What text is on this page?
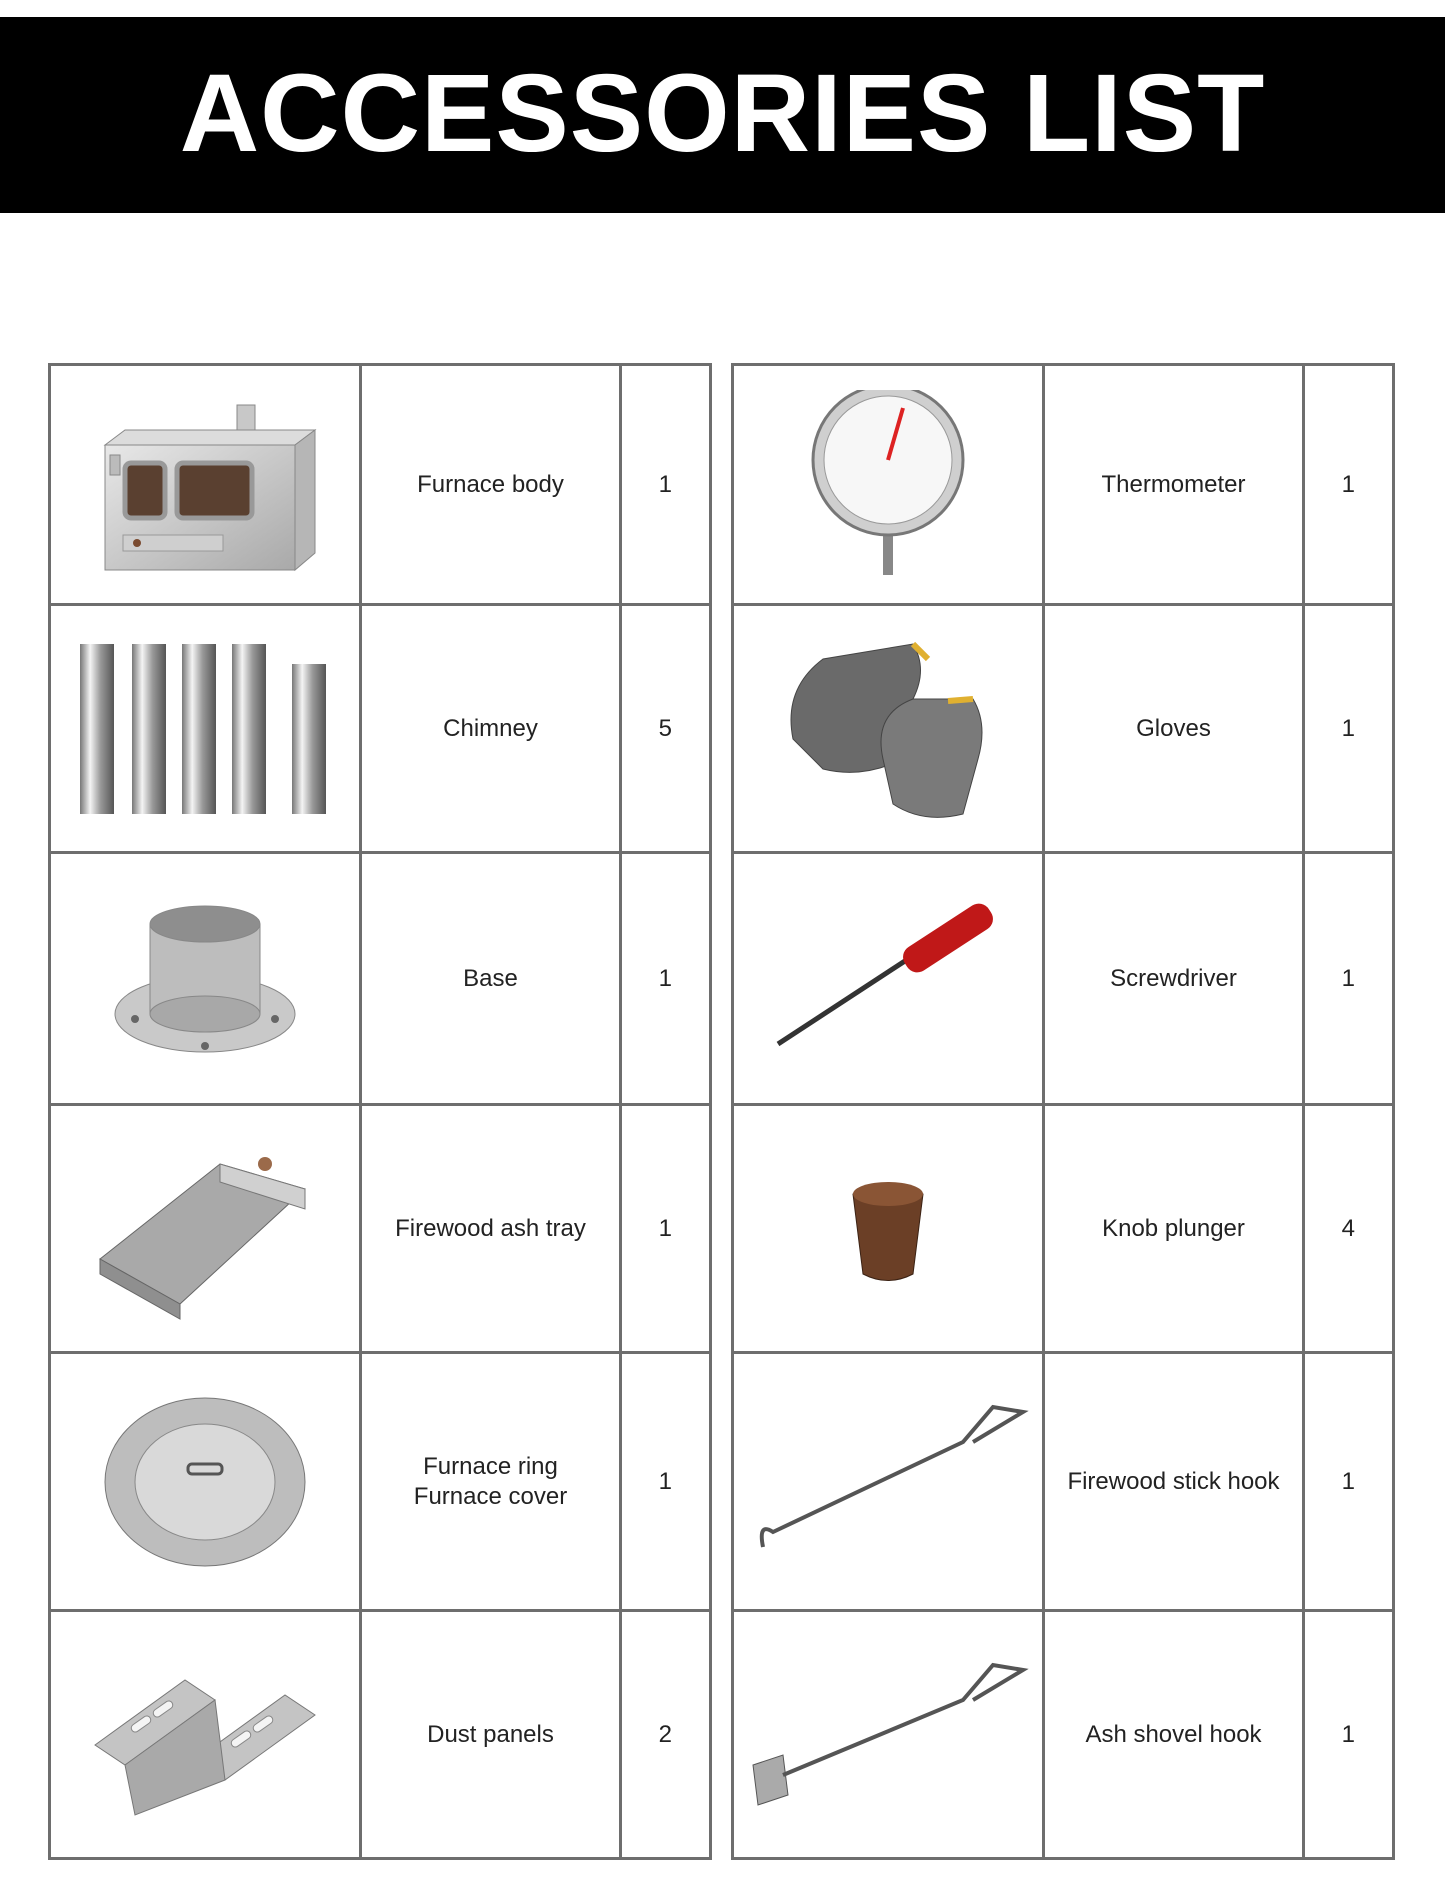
ACCESSORIES LIST
	Furnace body	1

	Chimney	5

	Base	1

	Firewood ash tray	1

	Furnace ring
Furnace cover	1

	Dust panels	2
	Thermometer	1

	Gloves	1

	Screwdriver	1

	Knob plunger	4

	Firewood stick hook	1

	Ash shovel hook	1
